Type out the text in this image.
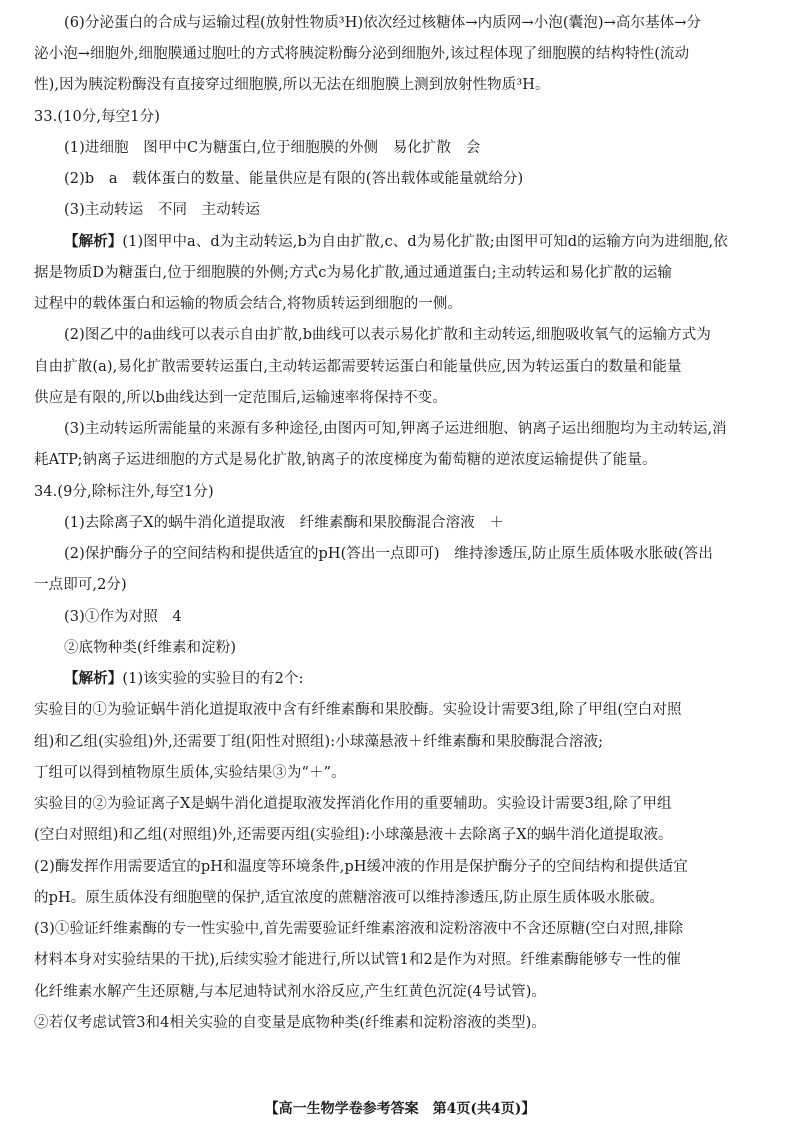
(6)分泌蛋白的合成与运输过程(放射性物质³H)依次经过核糖体→内质网→小泡(囊泡)→高尔基体→分
泌小泡→细胞外,细胞膜通过胞吐的方式将胰淀粉酶分泌到细胞外,该过程体现了细胞膜的结构特性(流动
性),因为胰淀粉酶没有直接穿过细胞膜,所以无法在细胞膜上测到放射性物质³H。
33.(10分,每空1分)
(1)进细胞　图甲中C为糖蛋白,位于细胞膜的外侧　易化扩散　会
(2)b　a　载体蛋白的数量、能量供应是有限的(答出载体或能量就给分)
(3)主动转运　不同　主动转运
【解析】(1)图甲中a、d为主动转运,b为自由扩散,c、d为易化扩散;由图甲可知d的运输方向为进细胞,依
据是物质D为糖蛋白,位于细胞膜的外侧;方式c为易化扩散,通过通道蛋白;主动转运和易化扩散的运输
过程中的载体蛋白和运输的物质会结合,将物质转运到细胞的一侧。
(2)图乙中的a曲线可以表示自由扩散,b曲线可以表示易化扩散和主动转运,细胞吸收氧气的运输方式为
自由扩散(a),易化扩散需要转运蛋白,主动转运都需要转运蛋白和能量供应,因为转运蛋白的数量和能量
供应是有限的,所以b曲线达到一定范围后,运输速率将保持不变。
(3)主动转运所需能量的来源有多种途径,由图丙可知,钾离子运进细胞、钠离子运出细胞均为主动转运,消
耗ATP;钠离子运进细胞的方式是易化扩散,钠离子的浓度梯度为葡萄糖的逆浓度运输提供了能量。
34.(9分,除标注外,每空1分)
(1)去除离子X的蜗牛消化道提取液　纤维素酶和果胶酶混合溶液　＋
(2)保护酶分子的空间结构和提供适宜的pH(答出一点即可)　维持渗透压,防止原生质体吸水胀破(答出
一点即可,2分)
(3)①作为对照　4
②底物种类(纤维素和淀粉)
【解析】(1)该实验的实验目的有2个:
实验目的①为验证蜗牛消化道提取液中含有纤维素酶和果胶酶。实验设计需要3组,除了甲组(空白对照
组)和乙组(实验组)外,还需要丁组(阳性对照组):小球藻悬液＋纤维素酶和果胶酶混合溶液;
丁组可以得到植物原生质体,实验结果③为“＋”。
实验目的②为验证离子X是蜗牛消化道提取液发挥消化作用的重要辅助。实验设计需要3组,除了甲组
(空白对照组)和乙组(对照组)外,还需要丙组(实验组):小球藻悬液＋去除离子X的蜗牛消化道提取液。
(2)酶发挥作用需要适宜的pH和温度等环境条件,pH缓冲液的作用是保护酶分子的空间结构和提供适宜
的pH。原生质体没有细胞壁的保护,适宜浓度的蔗糖溶液可以维持渗透压,防止原生质体吸水胀破。
(3)①验证纤维素酶的专一性实验中,首先需要验证纤维素溶液和淀粉溶液中不含还原糖(空白对照,排除
材料本身对实验结果的干扰),后续实验才能进行,所以试管1和2是作为对照。纤维素酶能够专一性的催
化纤维素水解产生还原糖,与本尼迪特试剂水浴反应,产生红黄色沉淀(4号试管)。
②若仅考虑试管3和4相关实验的自变量是底物种类(纤维素和淀粉溶液的类型)。
【高一生物学卷参考答案　第4页(共4页)】
